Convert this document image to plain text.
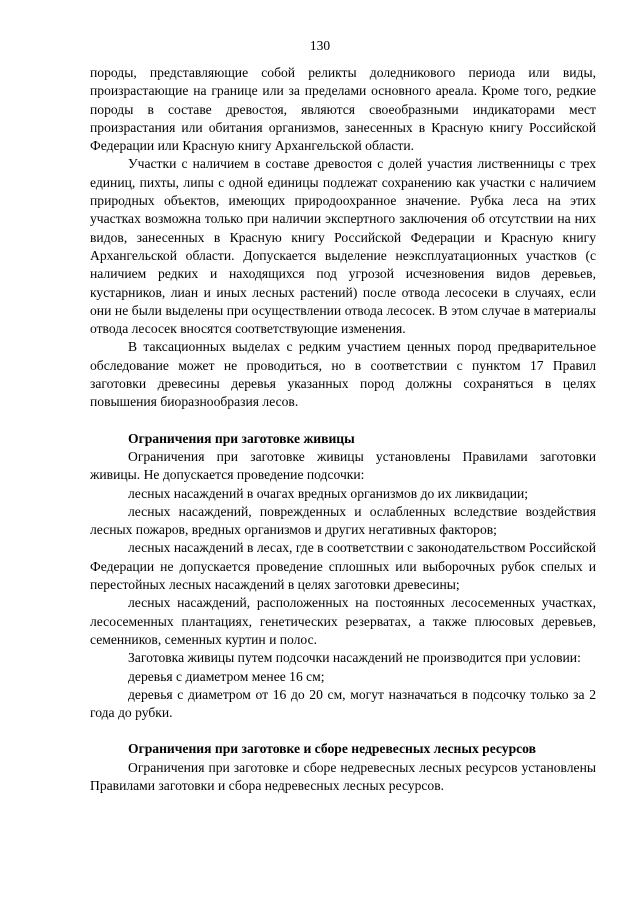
130

породы, представляющие собой реликты доледникового периода или виды, произрастающие на границе или за пределами основного ареала. Кроме того, редкие породы в составе древостоя, являются своеобразными индикаторами мест произрастания или обитания организмов, занесенных в Красную книгу Российской Федерации или Красную книгу Архангельской области.

Участки с наличием в составе древостоя с долей участия лиственницы с трех единиц, пихты, липы с одной единицы подлежат сохранению как участки с наличием природных объектов, имеющих природоохранное значение. Рубка леса на этих участках возможна только при наличии экспертного заключения об отсутствии на них видов, занесенных в Красную книгу Российской Федерации и Красную книгу Архангельской области. Допускается выделение неэксплуатационных участков (с наличием редких и находящихся под угрозой исчезновения видов деревьев, кустарников, лиан и иных лесных растений) после отвода лесосеки в случаях, если они не были выделены при осуществлении отвода лесосек. В этом случае в материалы отвода лесосек вносятся соответствующие изменения.

В таксационных выделах с редким участием ценных пород предварительное обследование может не проводиться, но в соответствии с пунктом 17 Правил заготовки древесины деревья указанных пород должны сохраняться в целях повышения биоразнообразия лесов.

Ограничения при заготовке живицы

Ограничения при заготовке живицы установлены Правилами заготовки живицы. Не допускается проведение подсочки:

лесных насаждений в очагах вредных организмов до их ликвидации;

лесных насаждений, поврежденных и ослабленных вследствие воздействия лесных пожаров, вредных организмов и других негативных факторов;

лесных насаждений в лесах, где в соответствии с законодательством Российской Федерации не допускается проведение сплошных или выборочных рубок спелых и перестойных лесных насаждений в целях заготовки древесины;

лесных насаждений, расположенных на постоянных лесосеменных участках, лесосеменных плантациях, генетических резерватах, а также плюсовых деревьев, семенников, семенных куртин и полос.

Заготовка живицы путем подсочки насаждений не производится при условии:

деревья с диаметром менее 16 см;

деревья с диаметром от 16 до 20 см, могут назначаться в подсочку только за 2 года до рубки.

Ограничения при заготовке и сборе недревесных лесных ресурсов

Ограничения при заготовке и сборе недревесных лесных ресурсов установлены Правилами заготовки и сбора недревесных лесных ресурсов.
